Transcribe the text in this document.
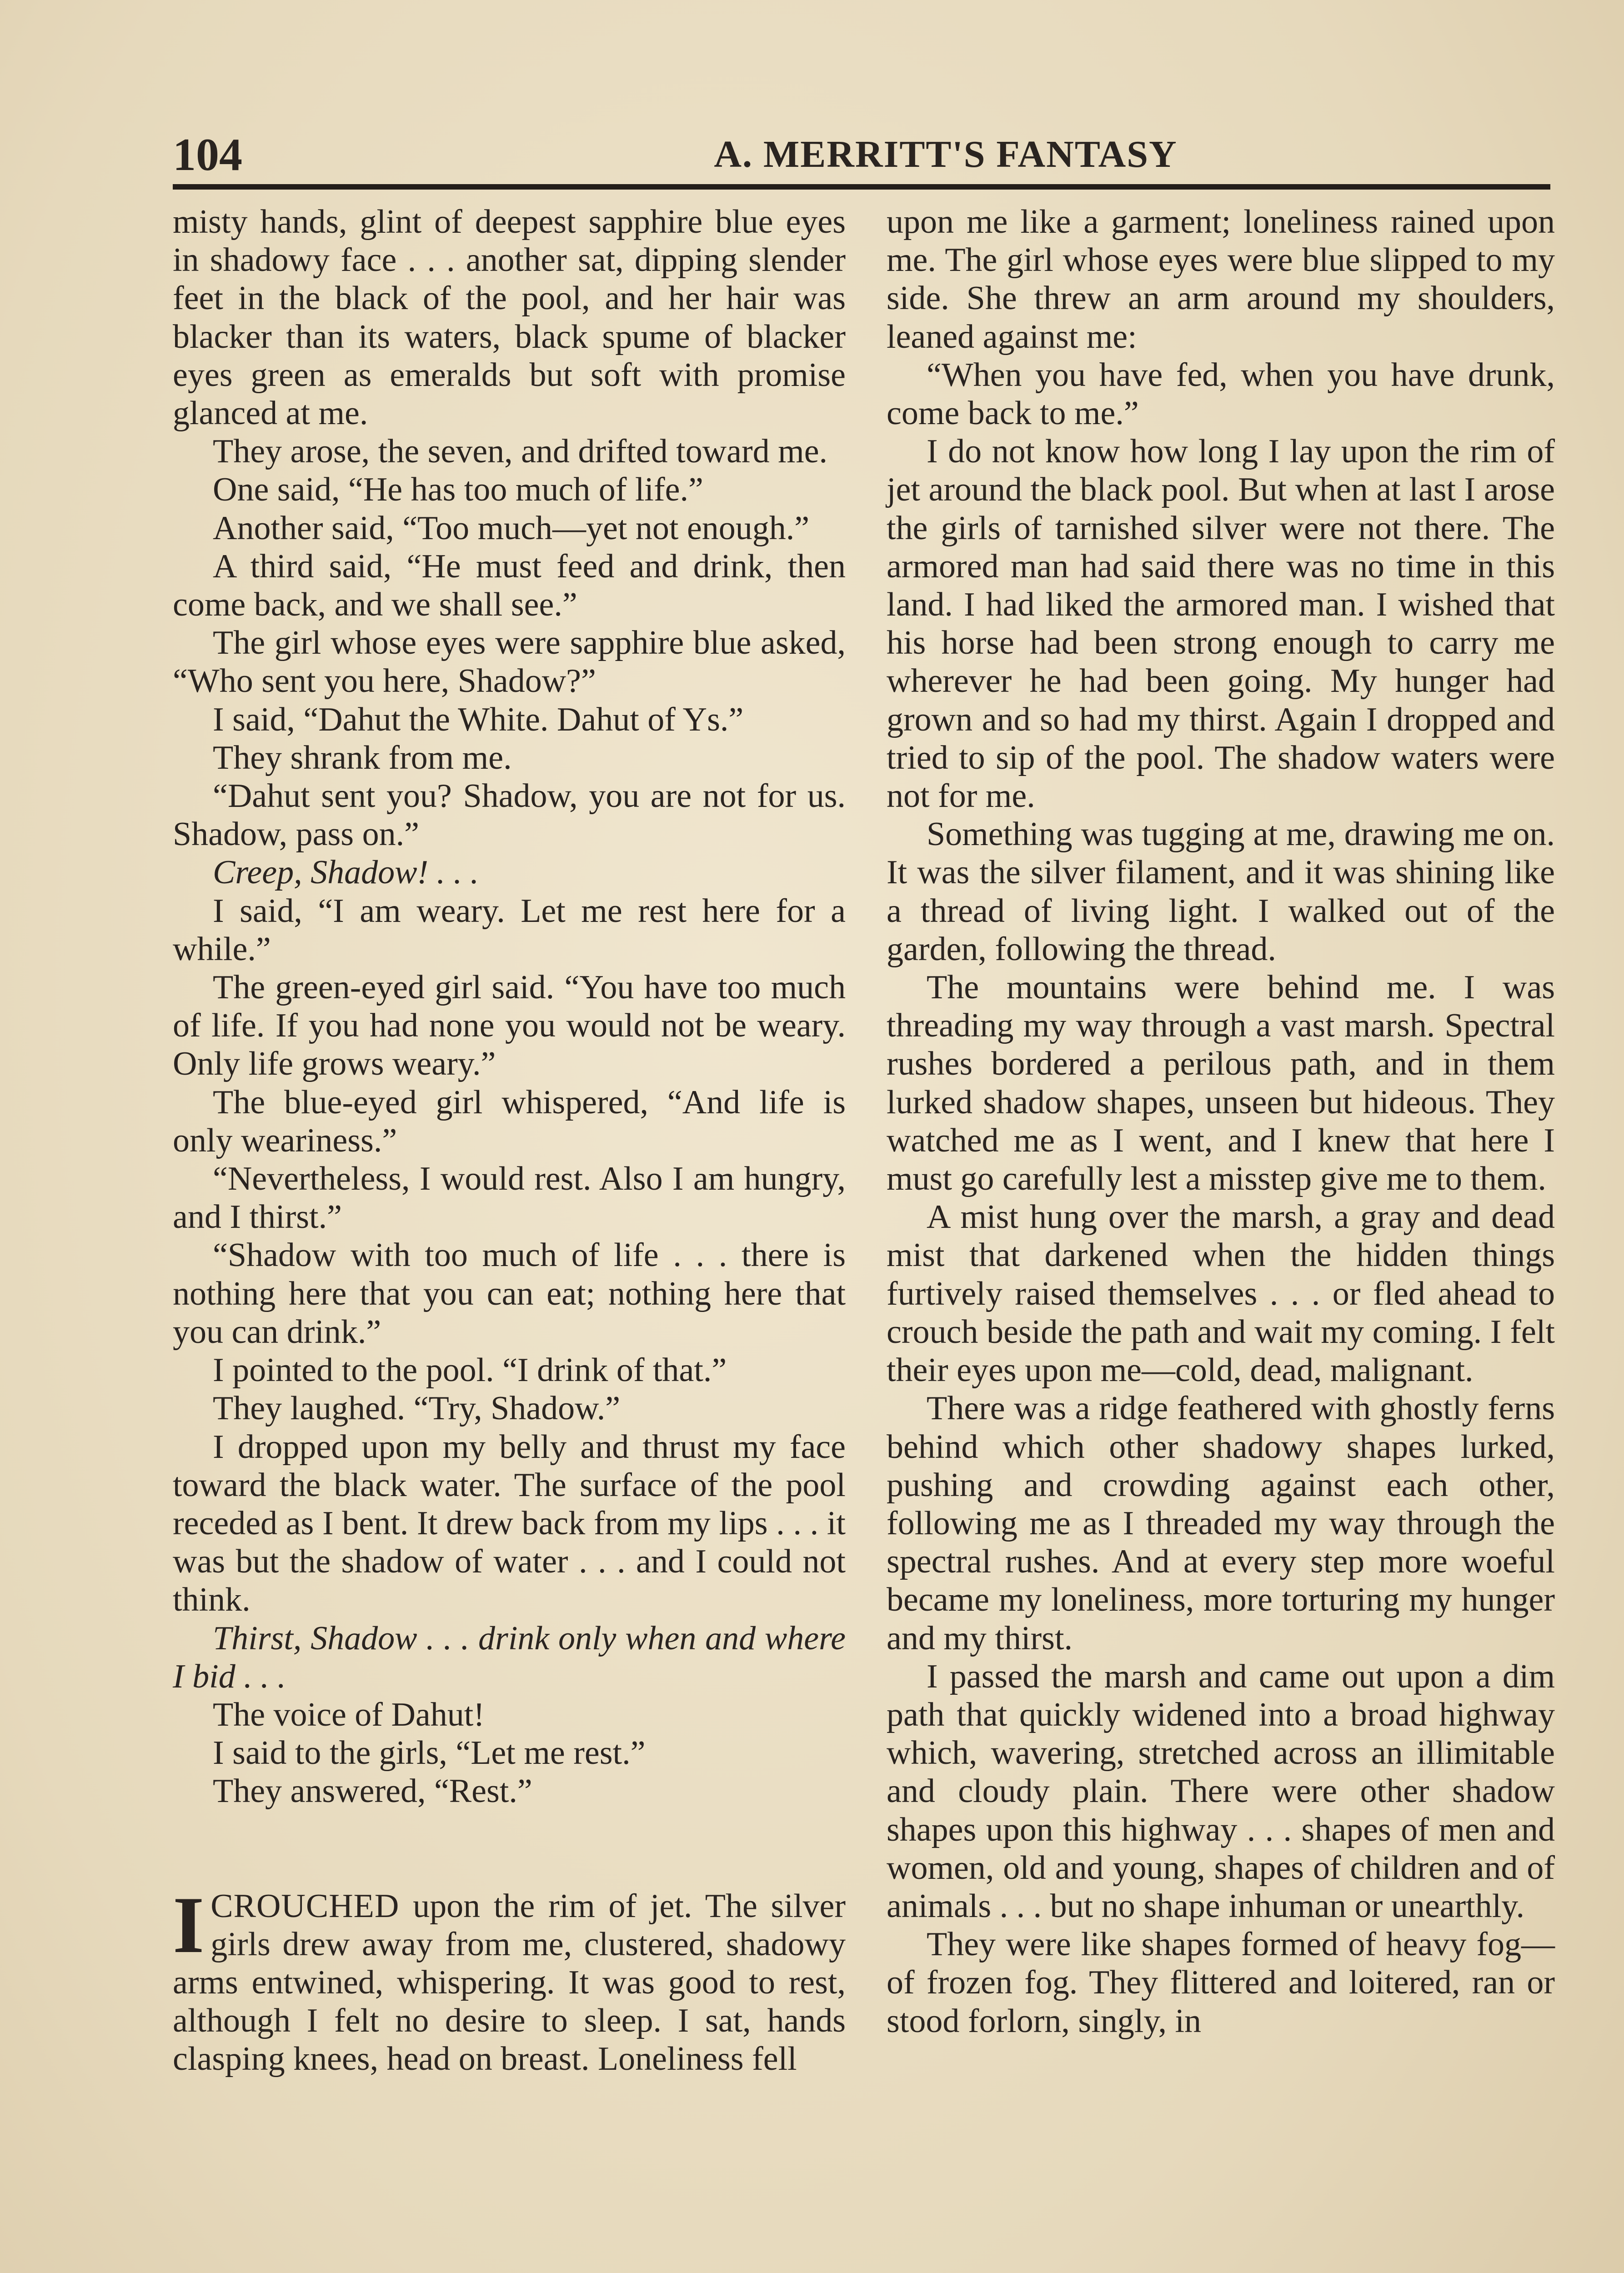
104	A. MERRITT'S FANTASY

misty hands, glint of deepest sapphire blue eyes in shadowy face . . . another sat, dipping slender feet in the black of the pool, and her hair was blacker than its waters, black spume of blacker eyes green as emeralds but soft with promise glanced at me.

They arose, the seven, and drifted toward me.

One said, “He has too much of life.”

Another said, “Too much—yet not enough.”

A third said, “He must feed and drink, then come back, and we shall see.”

The girl whose eyes were sapphire blue asked, “Who sent you here, Shadow?”

I said, “Dahut the White. Dahut of Ys.”

They shrank from me.

“Dahut sent you? Shadow, you are not for us. Shadow, pass on.”

Creep, Shadow! . . .

I said, “I am weary. Let me rest here for a while.”

The green-eyed girl said. “You have too much of life. If you had none you would not be weary. Only life grows weary.”

The blue-eyed girl whispered, “And life is only weariness.”

“Nevertheless, I would rest. Also I am hungry, and I thirst.”

“Shadow with too much of life . . . there is nothing here that you can eat; nothing here that you can drink.”

I pointed to the pool. “I drink of that.”

They laughed. “Try, Shadow.”

I dropped upon my belly and thrust my face toward the black water. The surface of the pool receded as I bent. It drew back from my lips . . . it was but the shadow of water . . . and I could not think.

Thirst, Shadow . . . drink only when and where I bid . . .

The voice of Dahut!

I said to the girls, “Let me rest.”

They answered, “Rest.”

ICROUCHED upon the rim of jet. The silver girls drew away from me, clustered, shadowy arms entwined, whispering. It was good to rest, although I felt no desire to sleep. I sat, hands clasping knees, head on breast. Loneliness fell

upon me like a garment; loneliness rained upon me. The girl whose eyes were blue slipped to my side. She threw an arm around my shoulders, leaned against me:

“When you have fed, when you have drunk, come back to me.”

I do not know how long I lay upon the rim of jet around the black pool. But when at last I arose the girls of tarnished silver were not there. The armored man had said there was no time in this land. I had liked the armored man. I wished that his horse had been strong enough to carry me wherever he had been going. My hunger had grown and so had my thirst. Again I dropped and tried to sip of the pool. The shadow waters were not for me.

Something was tugging at me, drawing me on. It was the silver filament, and it was shining like a thread of living light. I walked out of the garden, following the thread.

The mountains were behind me. I was threading my way through a vast marsh. Spectral rushes bordered a perilous path, and in them lurked shadow shapes, unseen but hideous. They watched me as I went, and I knew that here I must go carefully lest a misstep give me to them.

A mist hung over the marsh, a gray and dead mist that darkened when the hidden things furtively raised themselves . . . or fled ahead to crouch beside the path and wait my coming. I felt their eyes upon me—cold, dead, malignant.

There was a ridge feathered with ghostly ferns behind which other shadowy shapes lurked, pushing and crowding against each other, following me as I threaded my way through the spectral rushes. And at every step more woeful became my loneliness, more torturing my hunger and my thirst.

I passed the marsh and came out upon a dim path that quickly widened into a broad highway which, wavering, stretched across an illimitable and cloudy plain. There were other shadow shapes upon this highway . . . shapes of men and women, old and young, shapes of children and of animals . . . but no shape inhuman or unearthly.

They were like shapes formed of heavy fog—of frozen fog. They flittered and loitered, ran or stood forlorn, singly, in
